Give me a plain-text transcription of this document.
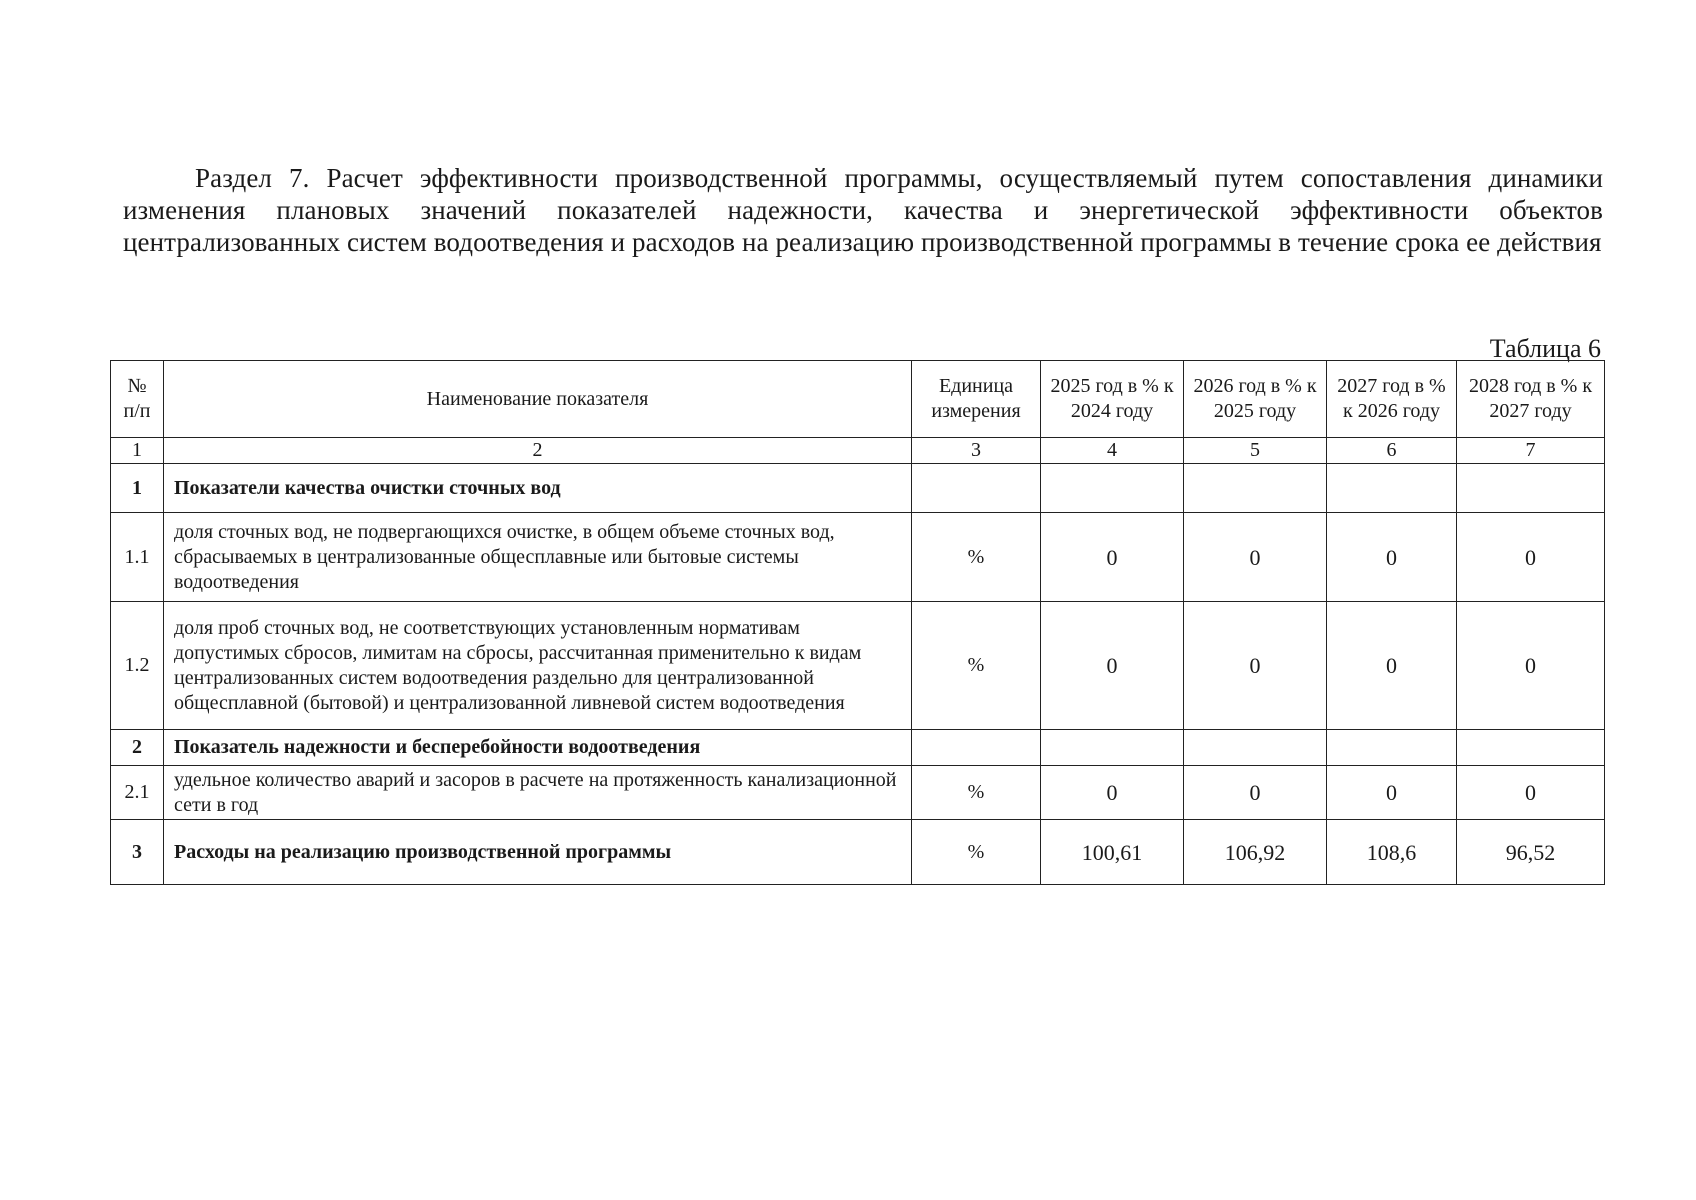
Раздел 7. Расчет эффективности производственной программы, осуществляемый путем сопоставления динамики изменения плановых значений показателей надежности, качества и энергетической эффективности объектов централизованных систем водоотведения и расходов на реализацию производственной программы в течение срока ее действия
Таблица 6
№ п/п	Наименование показателя	Единица измерения	2025 год в % к 2024 году	2026 год в % к 2025 году	2027 год в % к 2026 году	2028 год в % к 2027 году
1	2	3	4	5	6	7
1	Показатели качества очистки сточных вод					
1.1	доля сточных вод, не подвергающихся очистке, в общем объеме сточных вод, сбрасываемых в централизованные общесплавные или бытовые системы водоотведения	%	0	0	0	0
1.2	доля проб сточных вод, не соответствующих установленным нормативам допустимых сбросов, лимитам на сбросы, рассчитанная применительно к видам централизованных систем водоотведения раздельно для централизованной общесплавной (бытовой) и централизованной ливневой систем водоотведения	%	0	0	0	0
2	Показатель надежности и бесперебойности водоотведения					
2.1	удельное количество аварий и засоров в расчете на протяженность канализационной сети в год	%	0	0	0	0
3	Расходы на реализацию производственной программы	%	100,61	106,92	108,6	96,52
